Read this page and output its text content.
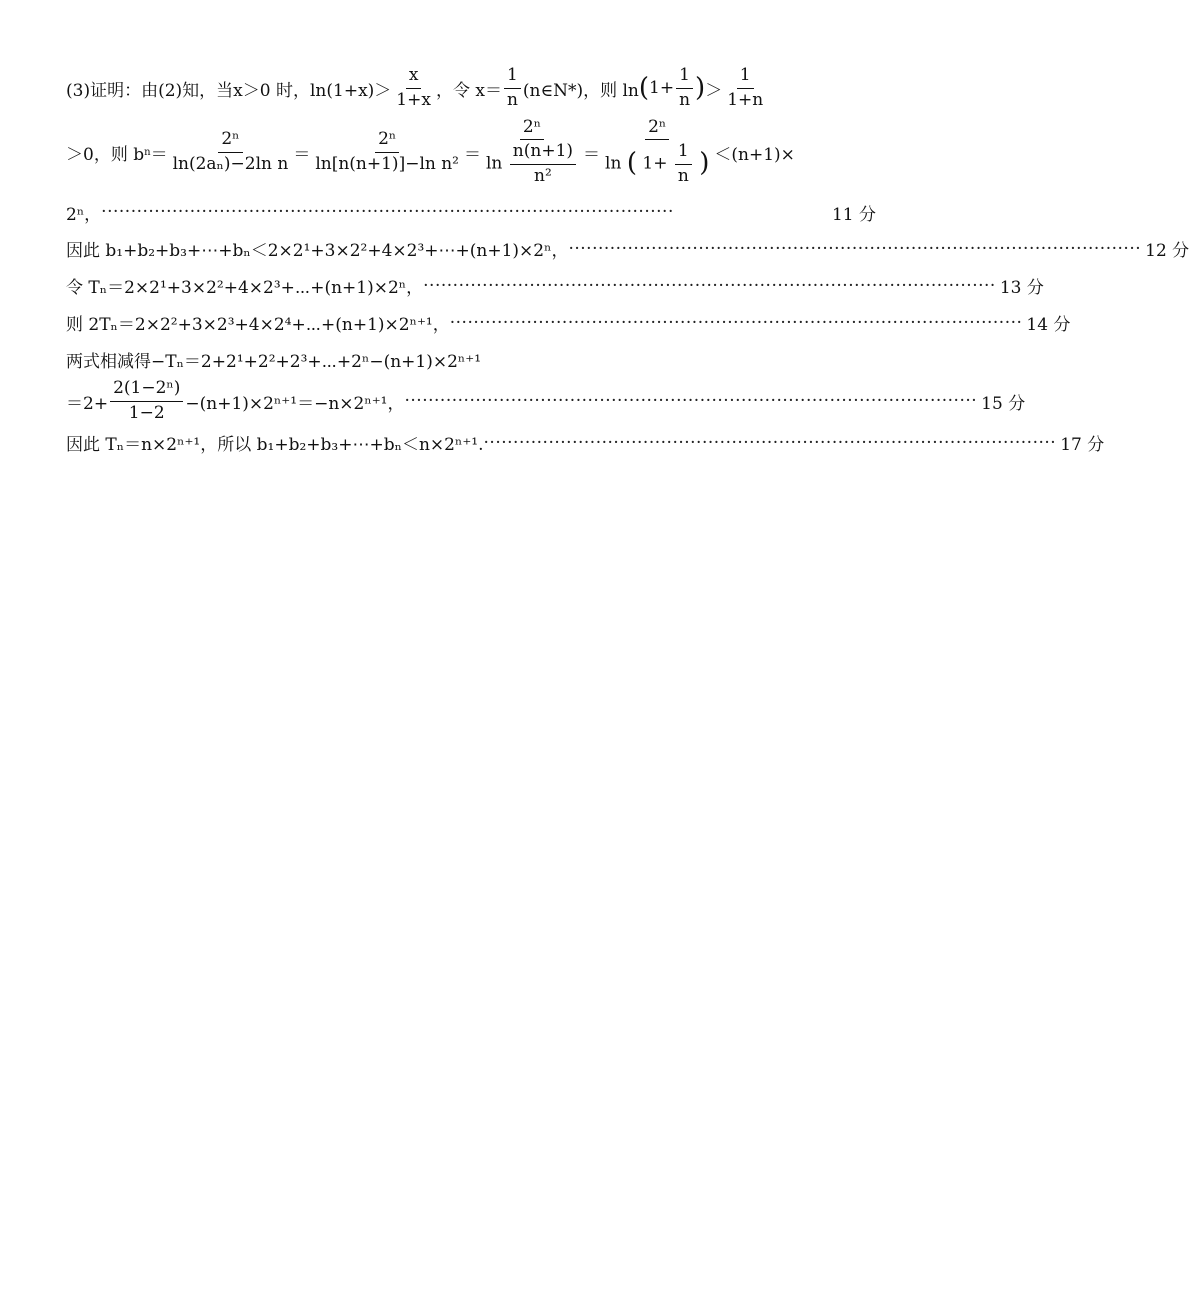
(3)证明：由(2)知，当 x＞0 时， $\ln(1+x)> \frac{x}{1+x}$ ，令 $x= \frac{1}{n}$ (n∈N*)，则 ln ( $1+ \frac{1}{n}$ ) ＞ $\frac{1}{1+n}$
＞0，则 b $n = \frac{\text{2ⁿ}}{\text{ln(2aₙ)−2ln n}} = \frac{\text{2ⁿ}}{\text{ln[n(n+1)]−ln n²}} = \frac{\text{2ⁿ}}{\ln \frac{n(n+1)}{\text{n²}}}$ ＝
2ⁿ
ln ( $1+ \frac{1}{n}$ ) ＜(n+1)×
2ⁿ， ·································································································	11 分
因此 b₁+b₂+b₃+⋯+bₙ＜2×2¹+3×2²+4×2³+⋯+(n+1)×2ⁿ， ································································································· 12 分
令 Tₙ＝2×2¹+3×2²+4×2³+⋯+(n+1)×2ⁿ， ································································································· 13 分
则 2Tₙ＝2×2²+3×2³+4×2⁴+⋯+(n+1)×2ⁿ⁺¹， ································································································· 14 分
两式相减得−Tₙ＝2+2¹+2²+2³+⋯+2ⁿ−(n+1)×2ⁿ⁺¹
$=2+ \frac{\text{2(1−2ⁿ)}}{1-2} -(n+1)\times 2^{n+1}=-n\times 2^{n+1}$， ································································································· 15 分
因此 Tₙ＝n×2ⁿ⁺¹，所以 b₁+b₂+b₃+⋯+bₙ＜n×2ⁿ⁺¹. ································································································· 17 分
